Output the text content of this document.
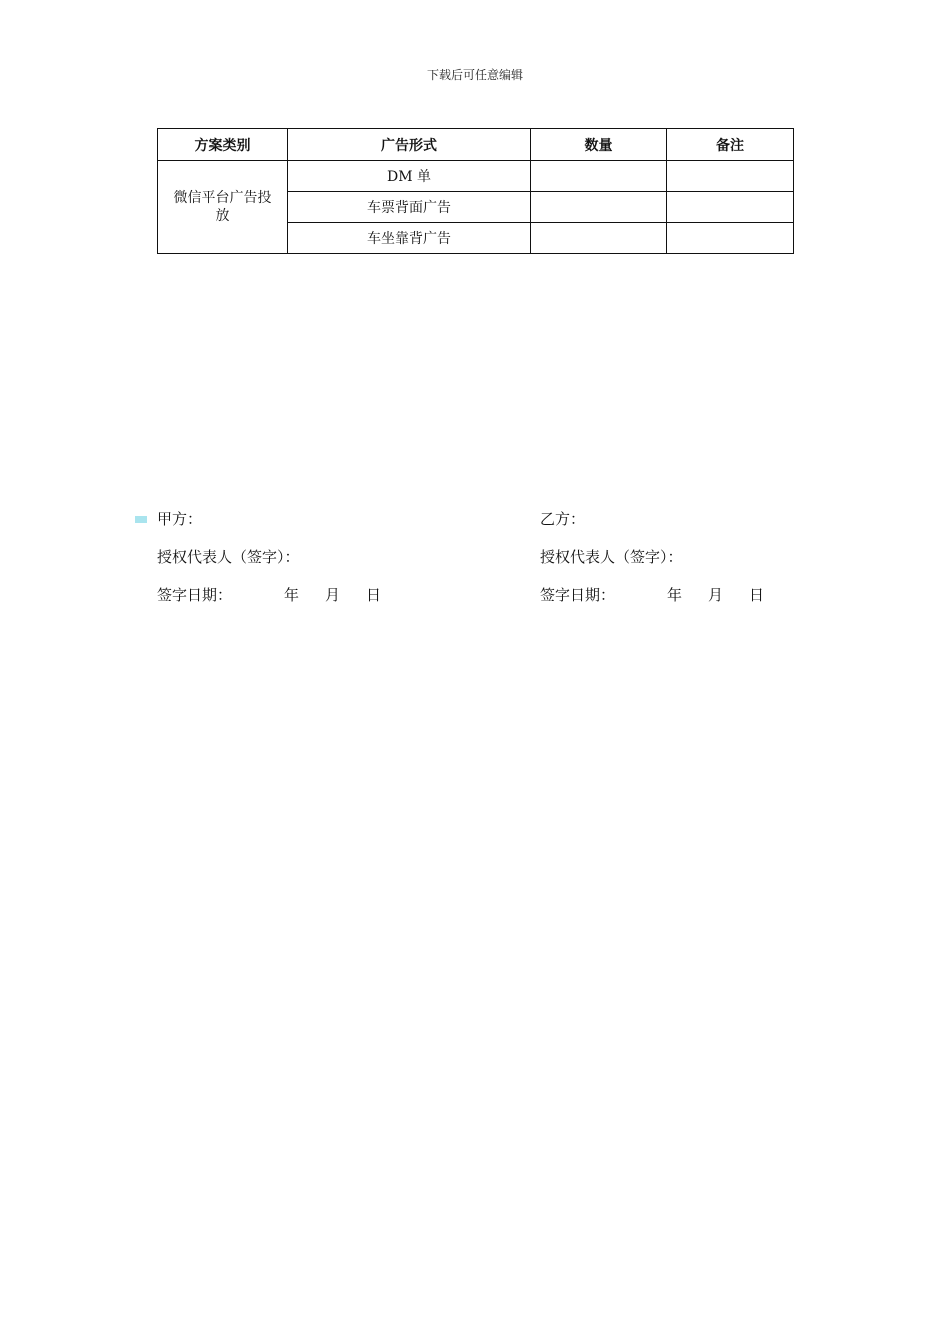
下载后可任意编辑
方案类别	广告形式	数量	备注

微信平台广告投放	DM 单		
	车票背面广告		
	车坐靠背广告		
甲方：
授权代表人（签字）：
签字日期：	年 月 日
乙方：
授权代表人（签字）：
签字日期：	年 月 日
